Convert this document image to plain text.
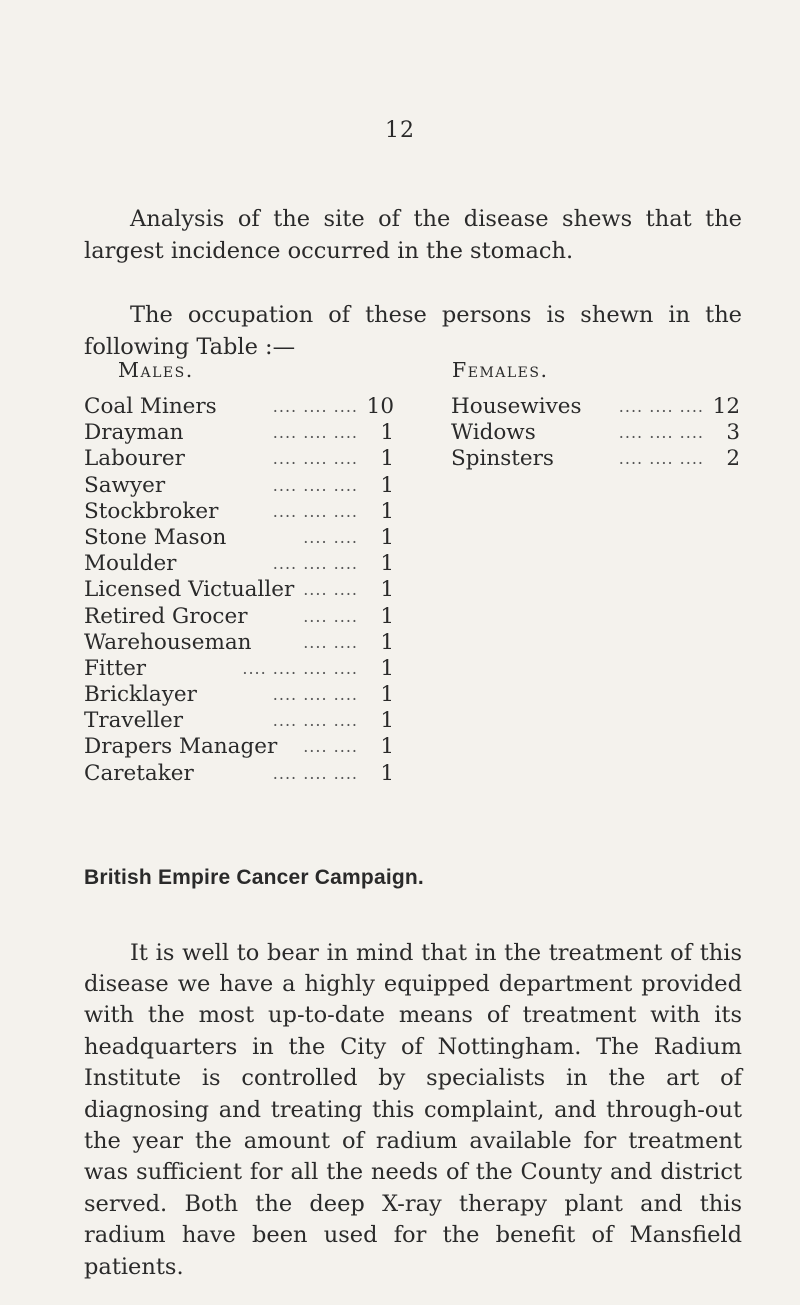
12

Analysis of the site of the disease shews that the largest incidence occurred in the stomach.

The occupation of these persons is shewn in the following Table :—

Males.	Females.
Coal Miners	.... .... .... 10
Drayman	.... .... .... 1
Labourer	.... .... .... 1
Sawyer	.... .... .... 1
Stockbroker	.... .... .... 1
Stone Mason	.... .... 1
Moulder	.... .... .... 1
Licensed Victualler .... .... 1
Retired Grocer	.... .... 1
Warehouseman	.... .... 1
Fitter	.... .... .... .... 1
Bricklayer	.... .... .... 1
Traveller	.... .... .... 1
Drapers Manager .... .... 1
Caretaker	.... .... .... 1
Housewives .... .... .... 12
Widows	.... .... .... 3
Spinsters	.... .... .... 2
British Empire Cancer Campaign.

It is well to bear in mind that in the treatment of this disease we have a highly equipped department provided with the most up-to-date means of treatment with its headquarters in the City of Nottingham. The Radium Institute is controlled by specialists in the art of diagnosing and treating this complaint, and through-out the year the amount of radium available for treatment was sufficient for all the needs of the County and district served. Both the deep X-ray therapy plant and this radium have been used for the benefit of Mansfield patients.
